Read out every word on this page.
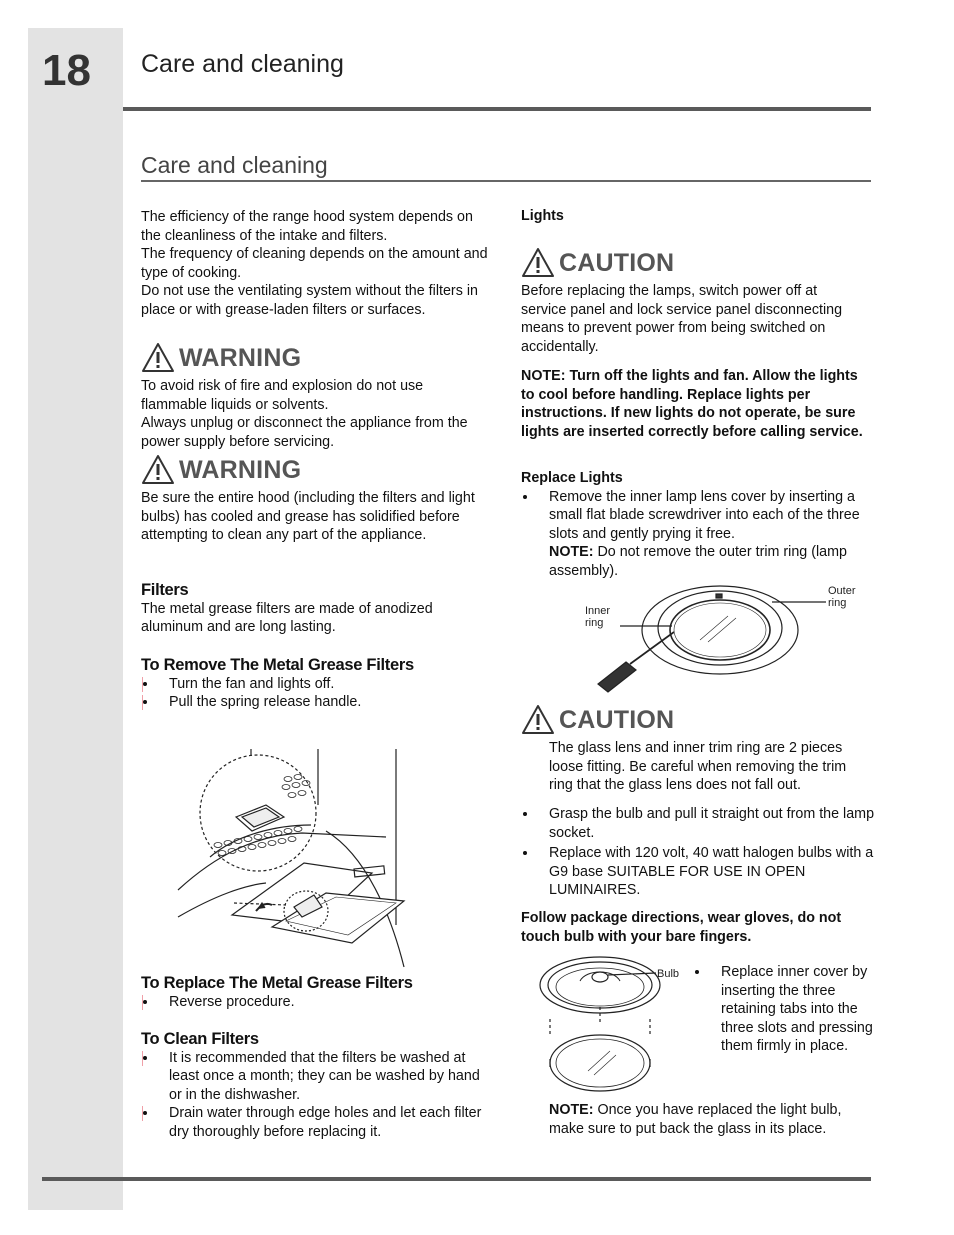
18 Care and cleaning
Care and cleaning
The efficiency of the range hood system depends on the cleanliness of the intake and filters.
The frequency of cleaning depends on the amount and type of cooking.
Do not use the ventilating system without the filters in place or with grease-laden filters or surfaces.
WARNING
To avoid risk of fire and explosion do not use flammable liquids or solvents.
Always unplug or disconnect the appliance from the power supply before servicing.
WARNING
Be sure the entire hood (including the filters and light bulbs) has cooled and grease has solidified before attempting to clean any part of the appliance.
Filters
The metal grease filters are made of anodized aluminum and are long lasting.
To Remove The Metal Grease Filters
Turn the fan and lights off.
Pull the spring release handle.
To Replace The Metal Grease Filters
Reverse procedure.
To Clean Filters
It is recommended that the filters be washed at least once a month; they can be washed by hand or in the dishwasher.
Drain water through edge holes and let each filter dry thoroughly before replacing it.
Lights
CAUTION
Before replacing the lamps, switch power off at service panel and lock service panel disconnecting means to prevent power from being switched on accidentally.
NOTE: Turn off the lights and fan. Allow the lights to cool before handling. Replace lights per instructions. If new lights do not operate, be sure lights are inserted correctly before calling service.
Replace Lights
Remove the inner lamp lens cover by inserting a small flat blade screwdriver into each of the three slots and gently prying it free.
NOTE: Do not remove the outer trim ring (lamp assembly).
Outer ring
Inner ring
CAUTION
The glass lens and inner trim ring are 2 pieces loose fitting. Be careful when removing the trim ring that the glass lens does not fall out.
Grasp the bulb and pull it straight out from the lamp socket.
Replace with 120 volt, 40 watt halogen bulbs with a G9 base SUITABLE FOR USE IN OPEN LUMINAIRES.
Follow package directions, wear gloves, do not touch bulb with your bare fingers.
Bulb	Replace inner cover by inserting the three retaining tabs into the three slots and pressing them firmly in place.
NOTE: Once you have replaced the light bulb, make sure to put back the glass in its place.
